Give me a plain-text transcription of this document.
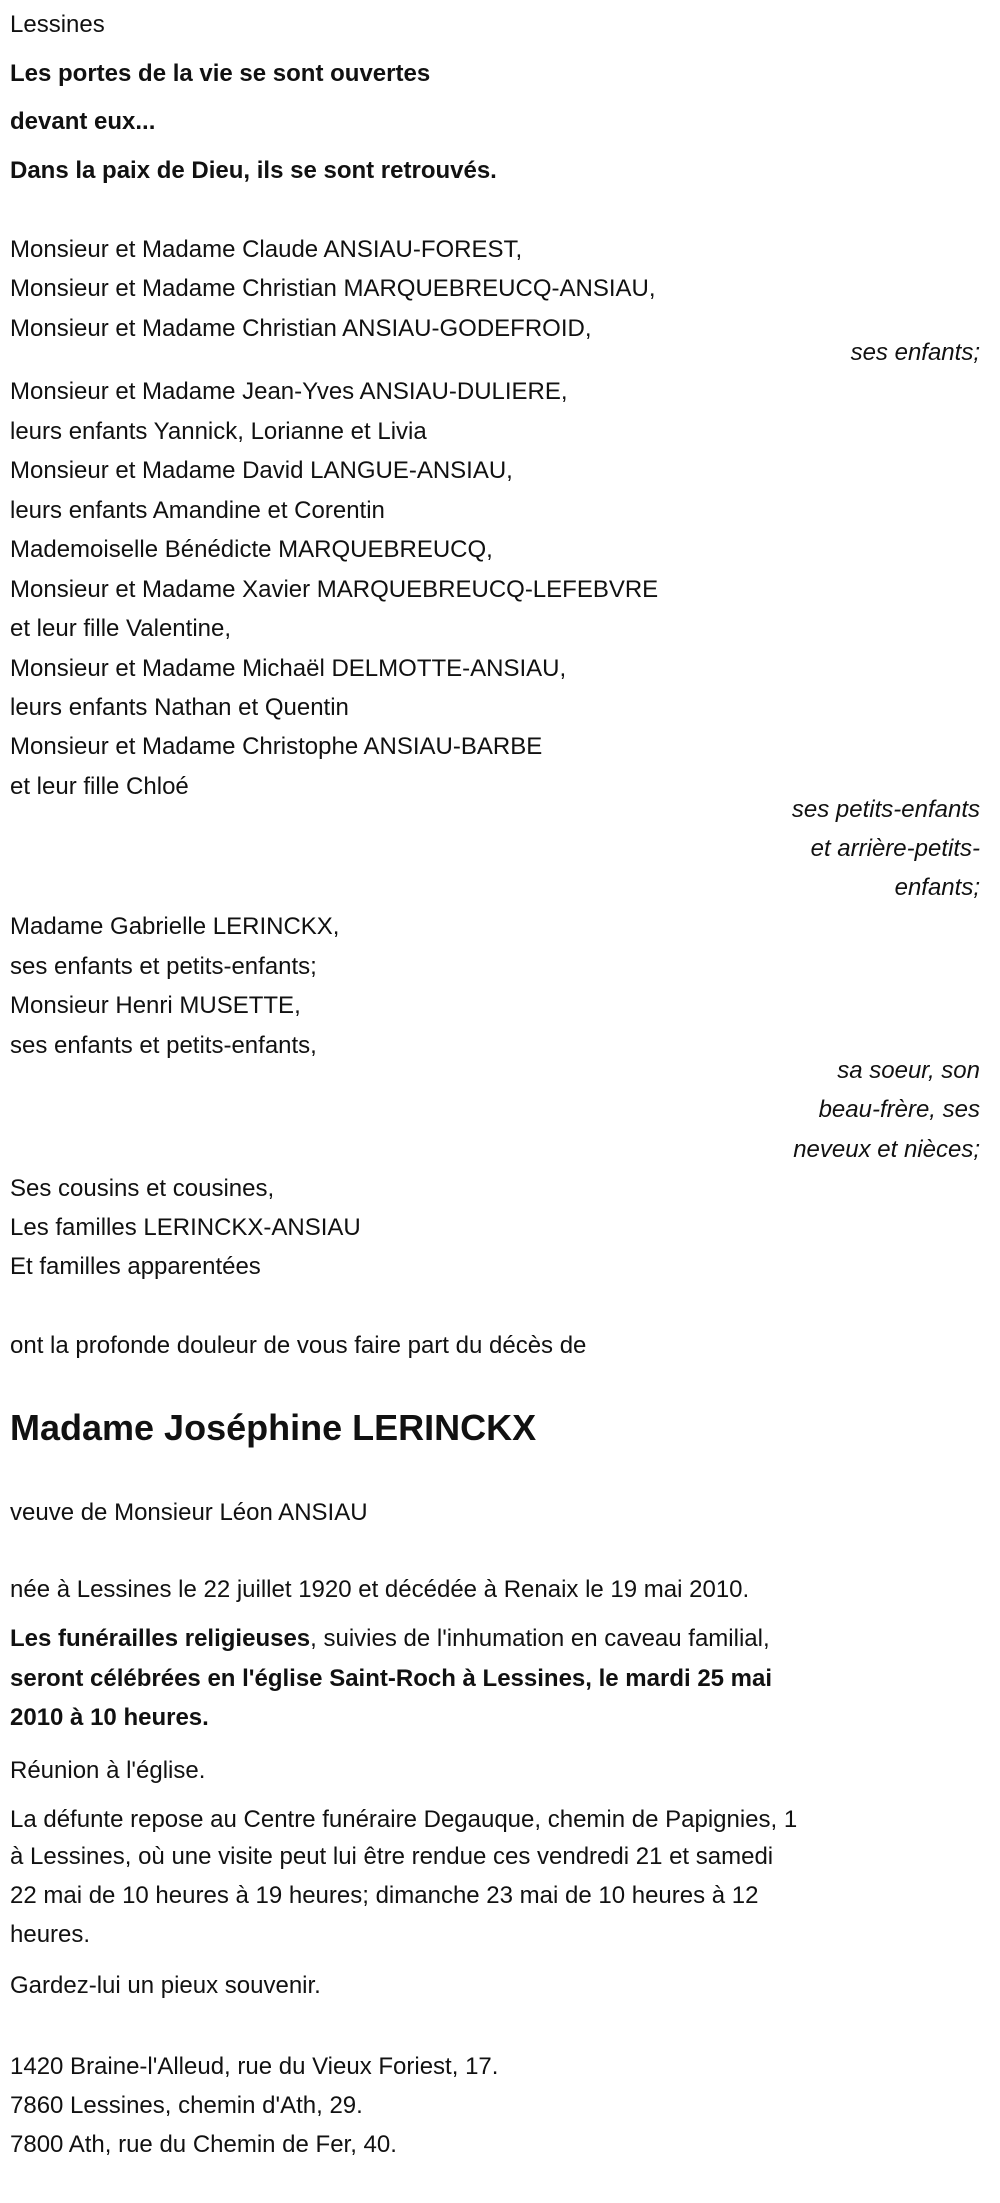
Lessines
Les portes de la vie se sont ouvertes
devant eux...
Dans la paix de Dieu, ils se sont retrouvés.
Monsieur et Madame Claude ANSIAU-FOREST,
Monsieur et Madame Christian MARQUEBREUCQ-ANSIAU,
Monsieur et Madame Christian ANSIAU-GODEFROID,
ses enfants;
Monsieur et Madame Jean-Yves ANSIAU-DULIERE,
leurs enfants Yannick, Lorianne et Livia
Monsieur et Madame David LANGUE-ANSIAU,
leurs enfants Amandine et Corentin
Mademoiselle Bénédicte MARQUEBREUCQ,
Monsieur et Madame Xavier MARQUEBREUCQ-LEFEBVRE
et leur fille Valentine,
Monsieur et Madame Michaël DELMOTTE-ANSIAU,
leurs enfants Nathan et Quentin
Monsieur et Madame Christophe ANSIAU-BARBE
et leur fille Chloé
ses petits-enfants
et arrière-petits-
enfants;
Madame Gabrielle LERINCKX,
ses enfants et petits-enfants;
Monsieur Henri MUSETTE,
ses enfants et petits-enfants,
sa soeur, son
beau-frère, ses
neveux et nièces;
Ses cousins et cousines,
Les familles LERINCKX-ANSIAU
Et familles apparentées
ont la profonde douleur de vous faire part du décès de
Madame Joséphine LERINCKX
veuve de Monsieur Léon ANSIAU
née à Lessines le 22 juillet 1920 et décédée à Renaix le 19 mai 2010.
Les funérailles religieuses, suivies de l'inhumation en caveau familial,
seront célébrées en l'église Saint-Roch à Lessines, le mardi 25 mai
2010 à 10 heures.
Réunion à l'église.
La défunte repose au Centre funéraire Degauque, chemin de Papignies, 1
à Lessines, où une visite peut lui être rendue ces vendredi 21 et samedi
22 mai de 10 heures à 19 heures; dimanche 23 mai de 10 heures à 12
heures.
Gardez-lui un pieux souvenir.
1420 Braine-l'Alleud, rue du Vieux Foriest, 17.
7860 Lessines, chemin d'Ath, 29.
7800 Ath, rue du Chemin de Fer, 40.
